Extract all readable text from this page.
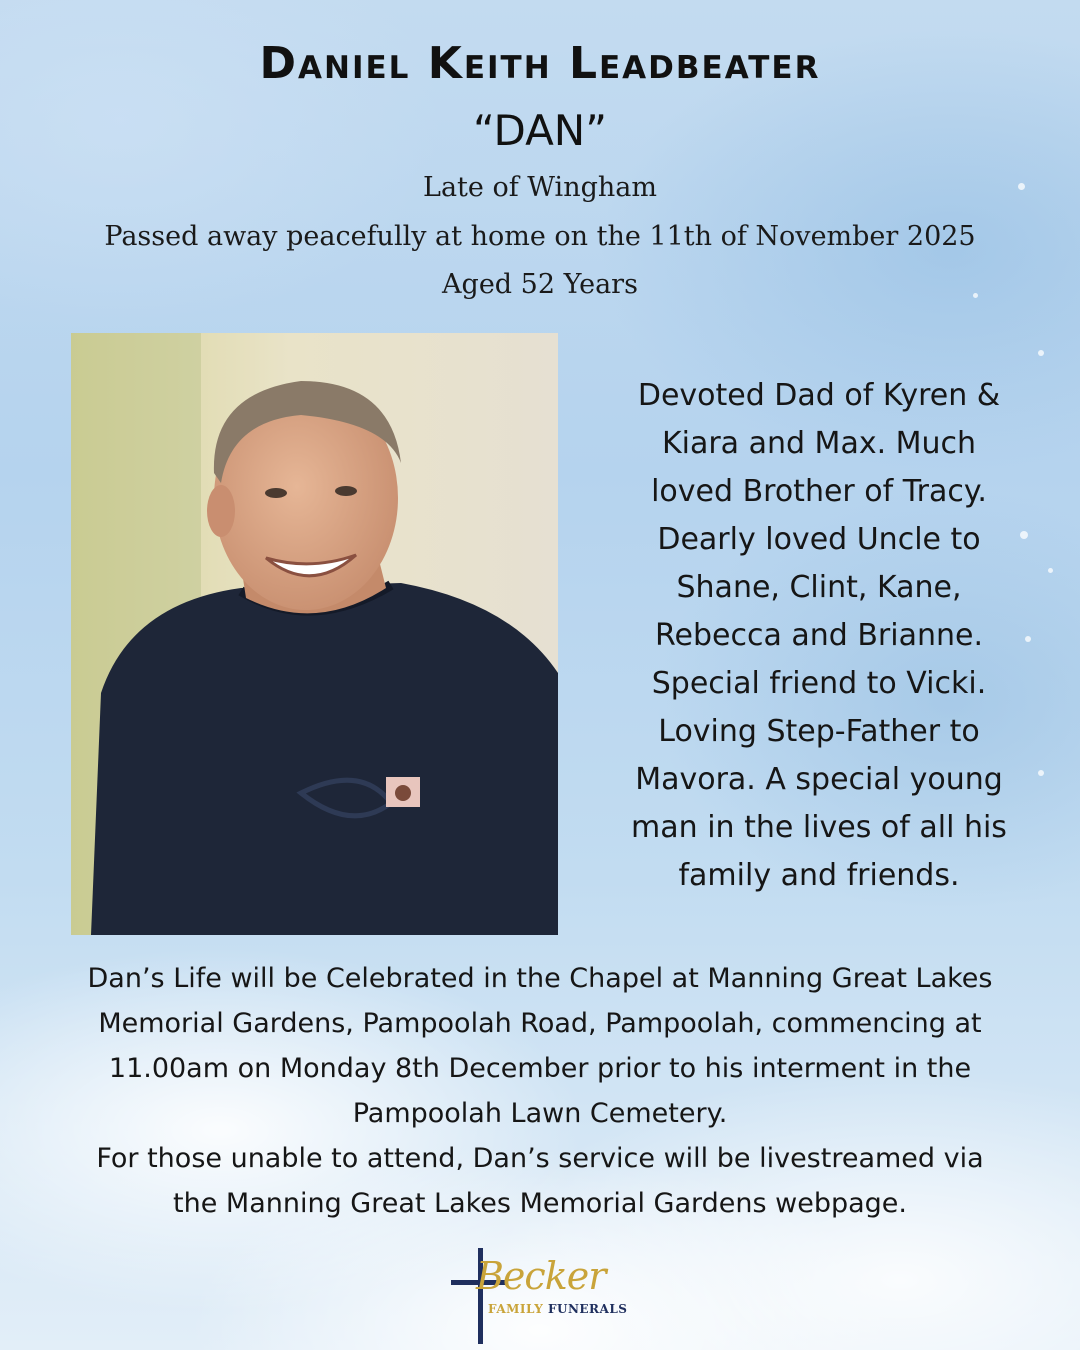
Daniel Keith Leadbeater
“DAN”
Late of Wingham
Passed away peacefully at home on the 11th of November 2025
Aged 52 Years
Devoted Dad of Kyren &
Kiara and Max. Much
loved Brother of Tracy.
Dearly loved Uncle to
Shane, Clint, Kane,
Rebecca and Brianne.
Special friend to Vicki.
Loving Step-Father to
Mavora. A special young
man in the lives of all his
family and friends.
Dan’s Life will be Celebrated in the Chapel at Manning Great Lakes
Memorial Gardens, Pampoolah Road, Pampoolah, commencing at
11.00am on Monday 8th December prior to his interment in the
Pampoolah Lawn Cemetery.
For those unable to attend, Dan’s service will be livestreamed via
the Manning Great Lakes Memorial Gardens webpage.
Becker
FAMILY FUNERALS
